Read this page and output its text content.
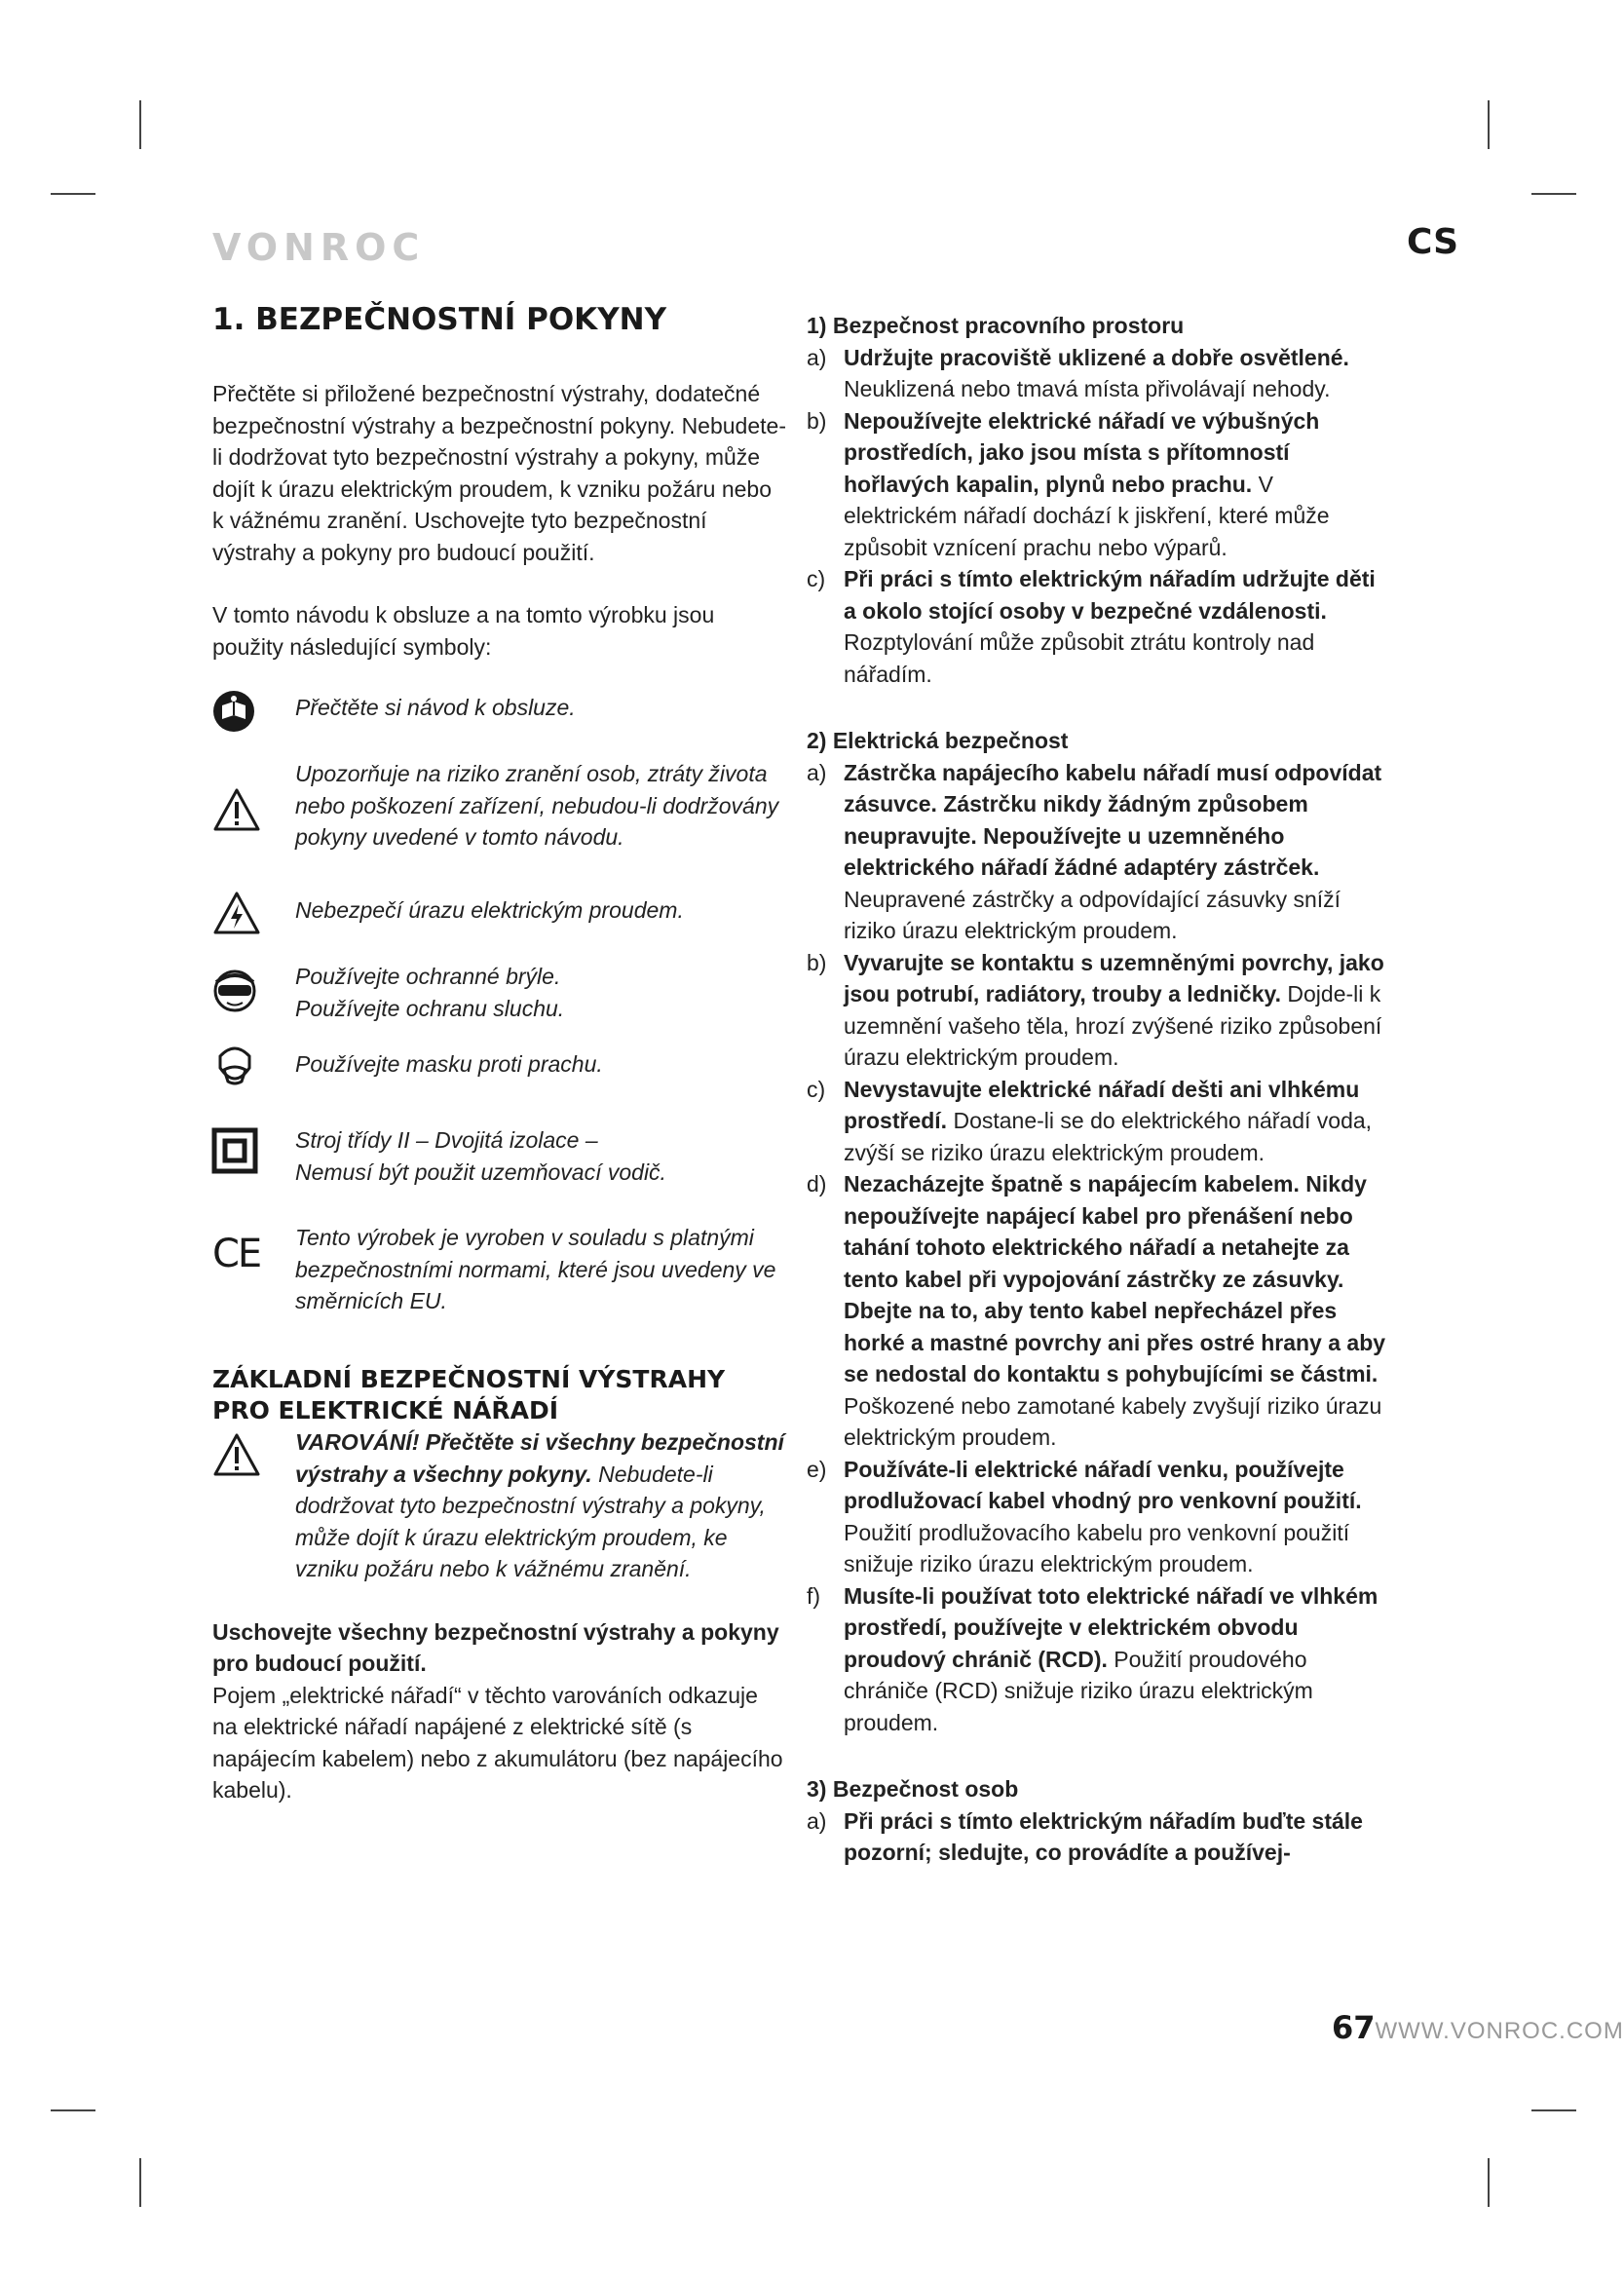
VONROC	CS
1. BEZPEČNOSTNÍ POKYNY

Přečtěte si přiložené bezpečnostní výstrahy, dodatečné bezpečnostní výstrahy a bezpečnostní pokyny. Nebudete-li dodržovat tyto bezpečnostní výstrahy a pokyny, může dojít k úrazu elektrickým proudem, k vzniku požáru nebo k vážnému zranění. Uschovejte tyto bezpečnostní výstrahy a pokyny pro budoucí použití.

V tomto návodu k obsluze a na tomto výrobku jsou použity následující symboly:

Přečtěte si návod k obsluze.
Upozorňuje na riziko zranění osob, ztráty života nebo poškození zařízení, nebudou-li dodržovány pokyny uvedené v tomto návodu.
Nebezpečí úrazu elektrickým proudem.
Používejte ochranné brýle.
Používejte ochranu sluchu.
Používejte masku proti prachu.
Stroj třídy II – Dvojitá izolace –
Nemusí být použit uzemňovací vodič.
CE Tento výrobek je vyroben v souladu s platnými bezpečnostními normami, které jsou uvedeny ve směrnicích EU.
ZÁKLADNÍ BEZPEČNOSTNÍ VÝSTRAHY PRO ELEKTRICKÉ NÁŘADÍ
VAROVÁNÍ! Přečtěte si všechny bezpečnostní výstrahy a všechny pokyny. Nebudete-li dodržovat tyto bezpečnostní výstrahy a pokyny, může dojít k úrazu elektrickým proudem, ke vzniku požáru nebo k vážnému zranění.

Uschovejte všechny bezpečnostní výstrahy a pokyny pro budoucí použití.

Pojem „elektrické nářadí“ v těchto varováních odkazuje na elektrické nářadí napájené z elektrické sítě (s napájecím kabelem) nebo z akumulátoru (bez napájecího kabelu).

1) Bezpečnost pracovního prostoru

a) Udržujte pracoviště uklizené a dobře osvětlené. Neuklizená nebo tmavá místa přivolávají nehody.
b) Nepoužívejte elektrické nářadí ve výbušných prostředích, jako jsou místa s přítomností hořlavých kapalin, plynů nebo prachu. V elektrickém nářadí dochází k jiskření, které může způsobit vznícení prachu nebo výparů.
c) Při práci s tímto elektrickým nářadím udržujte děti a okolo stojící osoby v bezpečné vzdálenosti. Rozptylování může způsobit ztrátu kontroly nad nářadím.

2) Elektrická bezpečnost

a) Zástrčka napájecího kabelu nářadí musí odpovídat zásuvce. Zástrčku nikdy žádným způsobem neupravujte. Nepoužívejte u uzemněného elektrického nářadí žádné adaptéry zástrček. Neupravené zástrčky a odpovídající zásuvky sníží riziko úrazu elektrickým proudem.
b) Vyvarujte se kontaktu s uzemněnými povrchy, jako jsou potrubí, radiátory, trouby a ledničky. Dojde-li k uzemnění vašeho těla, hrozí zvýšené riziko způsobení úrazu elektrickým proudem.
c) Nevystavujte elektrické nářadí dešti ani vlhkému prostředí. Dostane-li se do elektrického nářadí voda, zvýší se riziko úrazu elektrickým proudem.
d) Nezacházejte špatně s napájecím kabelem. Nikdy nepoužívejte napájecí kabel pro přenášení nebo tahání tohoto elektrického nářadí a netahejte za tento kabel při vypojování zástrčky ze zásuvky. Dbejte na to, aby tento kabel nepřecházel přes horké a mastné povrchy ani přes ostré hrany a aby se nedostal do kontaktu s pohybujícími se částmi. Poškozené nebo zamotané kabely zvyšují riziko úrazu elektrickým proudem.
e) Používáte-li elektrické nářadí venku, používejte prodlužovací kabel vhodný pro venkovní použití. Použití prodlužovacího kabelu pro venkovní použití snižuje riziko úrazu elektrickým proudem.
f) Musíte-li používat toto elektrické nářadí ve vlhkém prostředí, používejte v elektrickém obvodu proudový chránič (RCD). Použití proudového chrániče (RCD) snižuje riziko úrazu elektrickým proudem.

3) Bezpečnost osob

a) Při práci s tímto elektrickým nářadím buďte stále pozorní; sledujte, co provádíte a používej-
67WWW.VONROC.COM
